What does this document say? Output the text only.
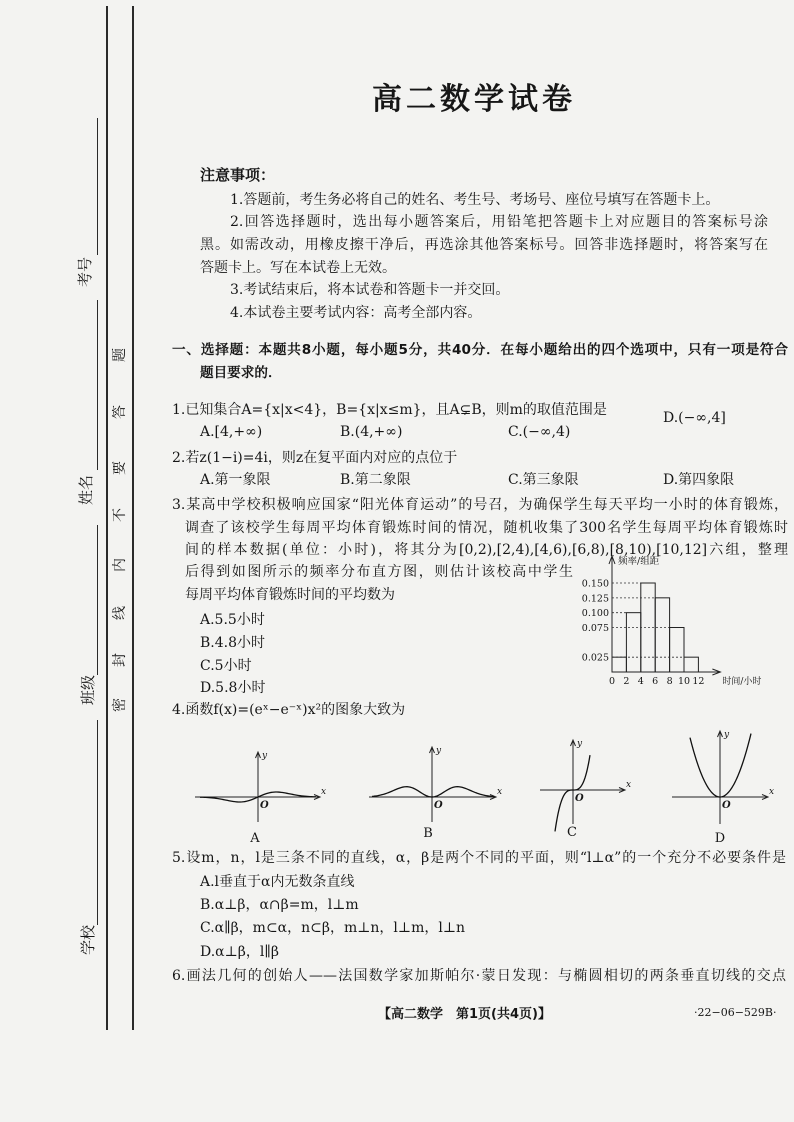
考号
姓名
班级
学校
密
封
线
内
不
要
答
题
高二数学试卷
注意事项：
1.答题前，考生务必将自己的姓名、考生号、考场号、座位号填写在答题卡上。
2.回答选择题时，选出每小题答案后，用铅笔把答题卡上对应题目的答案标号涂
黑。如需改动，用橡皮擦干净后，再选涂其他答案标号。回答非选择题时，将答案写在
答题卡上。写在本试卷上无效。
3.考试结束后，将本试卷和答题卡一并交回。
4.本试卷主要考试内容：高考全部内容。
一、选择题：本题共8小题，每小题5分，共40分．在每小题给出的四个选项中，只有一项是符合
题目要求的．
1.已知集合A={x|x<4}，B={x|x≤m}，且A⊊B，则m的取值范围是
A.[4,+∞)	B.(4,+∞)	C.(−∞,4)
D.(−∞,4]
2.若z(1−i)=4i，则z在复平面内对应的点位于
A.第一象限	B.第二象限	C.第三象限	D.第四象限
3.某高中学校积极响应国家“阳光体育运动”的号召，为确保学生每天平均一小时的体育锻炼，
调查了该校学生每周平均体育锻炼时间的情况，随机收集了300名学生每周平均体育锻炼时
间的样本数据(单位：小时)，将其分为[0,2),[2,4),[4,6),[6,8),[8,10),[10,12]六组，整理
后得到如图所示的频率分布直方图，则估计该校高中学生
每周平均体育锻炼时间的平均数为
A.5.5小时
B.4.8小时
C.5小时
D.5.8小时
0.150
0.125
0.100
0.075
0.025
0 2 4 6 8 10 12
频率/组距
时间/小时
4.函数f(x)=(eˣ−e⁻ˣ)x²的图象大致为
A	B	C	D
x
y
O
x
y
O
x
y
O
x
y
O
5.设m，n，l是三条不同的直线，α，β是两个不同的平面，则“l⊥α”的一个充分不必要条件是
A.l垂直于α内无数条直线
B.α⊥β，α∩β=m，l⊥m
C.α∥β，m⊂α，n⊂β，m⊥n，l⊥m，l⊥n
D.α⊥β，l∥β
6.画法几何的创始人——法国数学家加斯帕尔·蒙日发现：与椭圆相切的两条垂直切线的交点
【高二数学　第1页(共4页)】	·22−06−529B·
